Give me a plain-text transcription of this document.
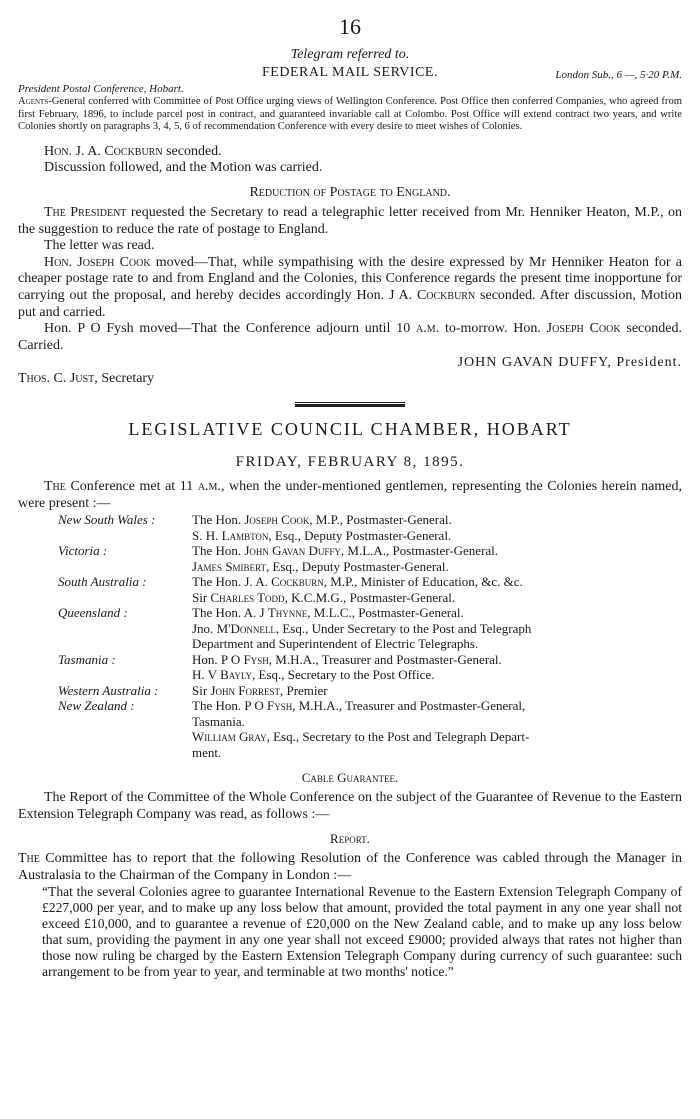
16
Telegram referred to.
FEDERAL MAIL SERVICE.	London Sub., 6 —, 5·20 P.M.
President Postal Conference, Hobart.

Agents-General conferred with Committee of Post Office urging views of Wellington Conference. Post Office then conferred Companies, who agreed from first February, 1896, to include parcel post in contract, and guaranteed invariable call at Colombo. Post Office will extend contract two years, and write Colonies shortly on paragraphs 3, 4, 5, 6 of recommendation Conference with every desire to meet wishes of Colonies.

Hon. J. A. Cockburn seconded.

Discussion followed, and the Motion was carried.

Reduction of Postage to England.

The President requested the Secretary to read a telegraphic letter received from Mr. Henniker Heaton, M.P., on the suggestion to reduce the rate of postage to England.

The letter was read.

Hon. Joseph Cook moved—That, while sympathising with the desire expressed by Mr Henniker Heaton for a cheaper postage rate to and from England and the Colonies, this Conference regards the present time inopportune for carrying out the proposal, and hereby decides accordingly Hon. J A. Cockburn seconded. After discussion, Motion put and carried.

Hon. P O Fysh moved—That the Conference adjourn until 10 a.m. to-morrow. Hon. Joseph Cook seconded. Carried.

JOHN GAVAN DUFFY, President.

Thos. C. Just, Secretary

LEGISLATIVE COUNCIL CHAMBER, HOBART
FRIDAY, FEBRUARY 8, 1895.

The Conference met at 11 a.m., when the under-mentioned gentlemen, representing the Colonies herein named, were present :—

New South Wales :	The Hon. Joseph Cook, M.P., Postmaster-General.
	S. H. Lambton, Esq., Deputy Postmaster-General.
Victoria :	The Hon. John Gavan Duffy, M.L.A., Postmaster-General.
	James Smibert, Esq., Deputy Postmaster-General.
South Australia :	The Hon. J. A. Cockburn, M.P., Minister of Education, &c. &c.
	Sir Charles Todd, K.C.M.G., Postmaster-General.
Queensland :	The Hon. A. J Thynne, M.L.C., Postmaster-General.
	Jno. M'Donnell, Esq., Under Secretary to the Post and Telegraph
	Department and Superintendent of Electric Telegraphs.
Tasmania :	Hon. P O Fysh, M.H.A., Treasurer and Postmaster-General.
	H. V Bayly, Esq., Secretary to the Post Office.
Western Australia :	Sir John Forrest, Premier
New Zealand :	The Hon. P O Fysh, M.H.A., Treasurer and Postmaster-General,
	Tasmania.
	William Gray, Esq., Secretary to the Post and Telegraph Depart-
	ment.
Cable Guarantee.

The Report of the Committee of the Whole Conference on the subject of the Guarantee of Revenue to the Eastern Extension Telegraph Company was read, as follows :—

Report.

The Committee has to report that the following Resolution of the Conference was cabled through the Manager in Australasia to the Chairman of the Company in London :—

“That the several Colonies agree to guarantee International Revenue to the Eastern Extension Telegraph Company of £227,000 per year, and to make up any loss below that amount, provided the total payment in any one year shall not exceed £10,000, and to guarantee a revenue of £20,000 on the New Zealand cable, and to make up any loss below that sum, providing the payment in any one year shall not exceed £9000; provided always that rates not higher than those now ruling be charged by the Eastern Extension Telegraph Company during currency of such guarantee: such arrangement to be from year to year, and terminable at two months' notice.”
